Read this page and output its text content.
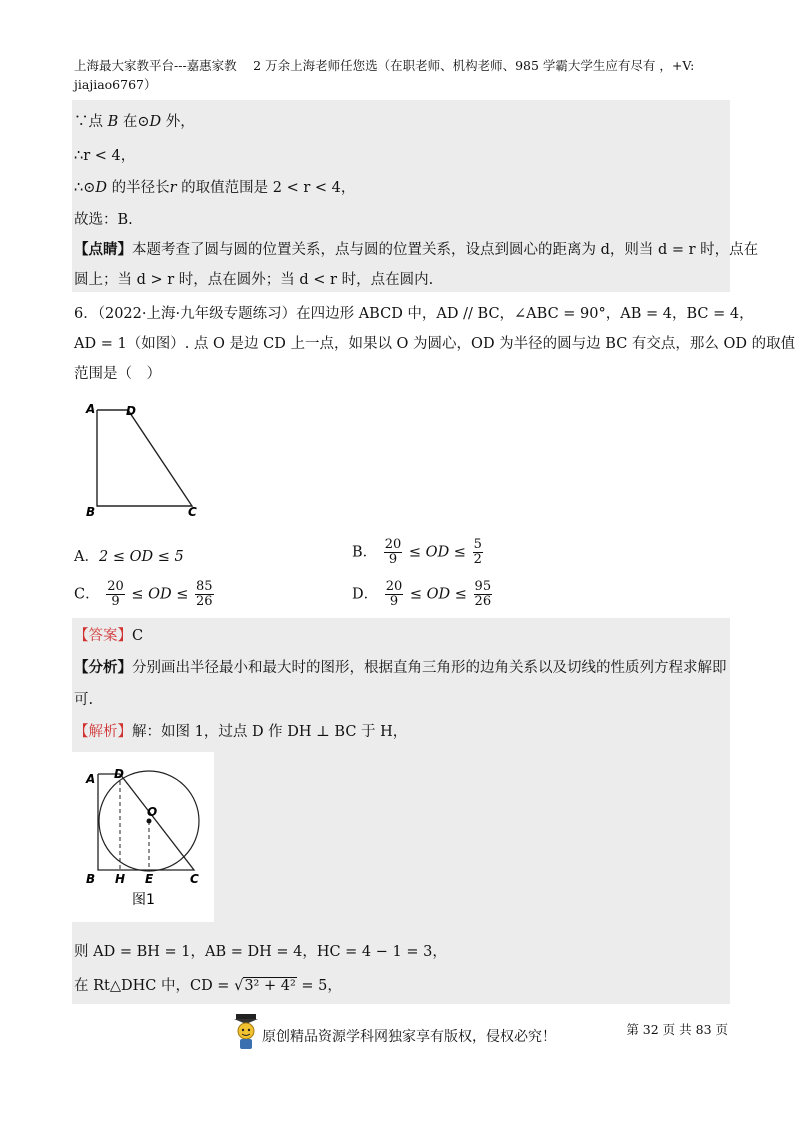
上海最大家教平台---嘉惠家教　 2 万余上海老师任您选（在职老师、机构老师、985 学霸大学生应有尽有 ，+V: jiajiao6767）
∵点 B 在⊙D 外，
∴r < 4，
∴⊙D 的半径长r 的取值范围是 2 < r < 4，
故选：B.
【点睛】本题考查了圆与圆的位置关系，点与圆的位置关系，设点到圆心的距离为 d，则当 d = r 时，点在
圆上；当 d > r 时，点在圆外；当 d < r 时，点在圆内.
6．（2022·上海·九年级专题练习）在四边形 ABCD 中，AD // BC，∠ABC = 90°，AB = 4，BC = 4，
AD = 1（如图）. 点 O 是边 CD 上一点，如果以 O 为圆心，OD 为半径的圆与边 BC 有交点，那么 OD 的取值
范围是（　）
A	D
B	C
A．2 ≤ OD ≤ 5	B． $\frac{20}{9}$ ≤ OD ≤ $\frac{5}{2}$
C． $\frac{20}{9}$ ≤ OD ≤ $\frac{85}{26}$	D． $\frac{20}{9}$ ≤ OD ≤ $\frac{95}{26}$
【答案】C
【分析】分别画出半径最小和最大时的图形，根据直角三角形的边角关系以及切线的性质列方程求解即
可.
【解析】解：如图 1，过点 D 作 DH ⊥ BC 于 H，
A D
O
B H E	C
图1
则 AD = BH = 1，AB = DH = 4，HC = 4 − 1 = 3，
在 Rt△DHC 中，CD = √3² + 4² = 5，
第 32 页 共 83 页
原创精品资源学科网独家享有版权，侵权必究！
